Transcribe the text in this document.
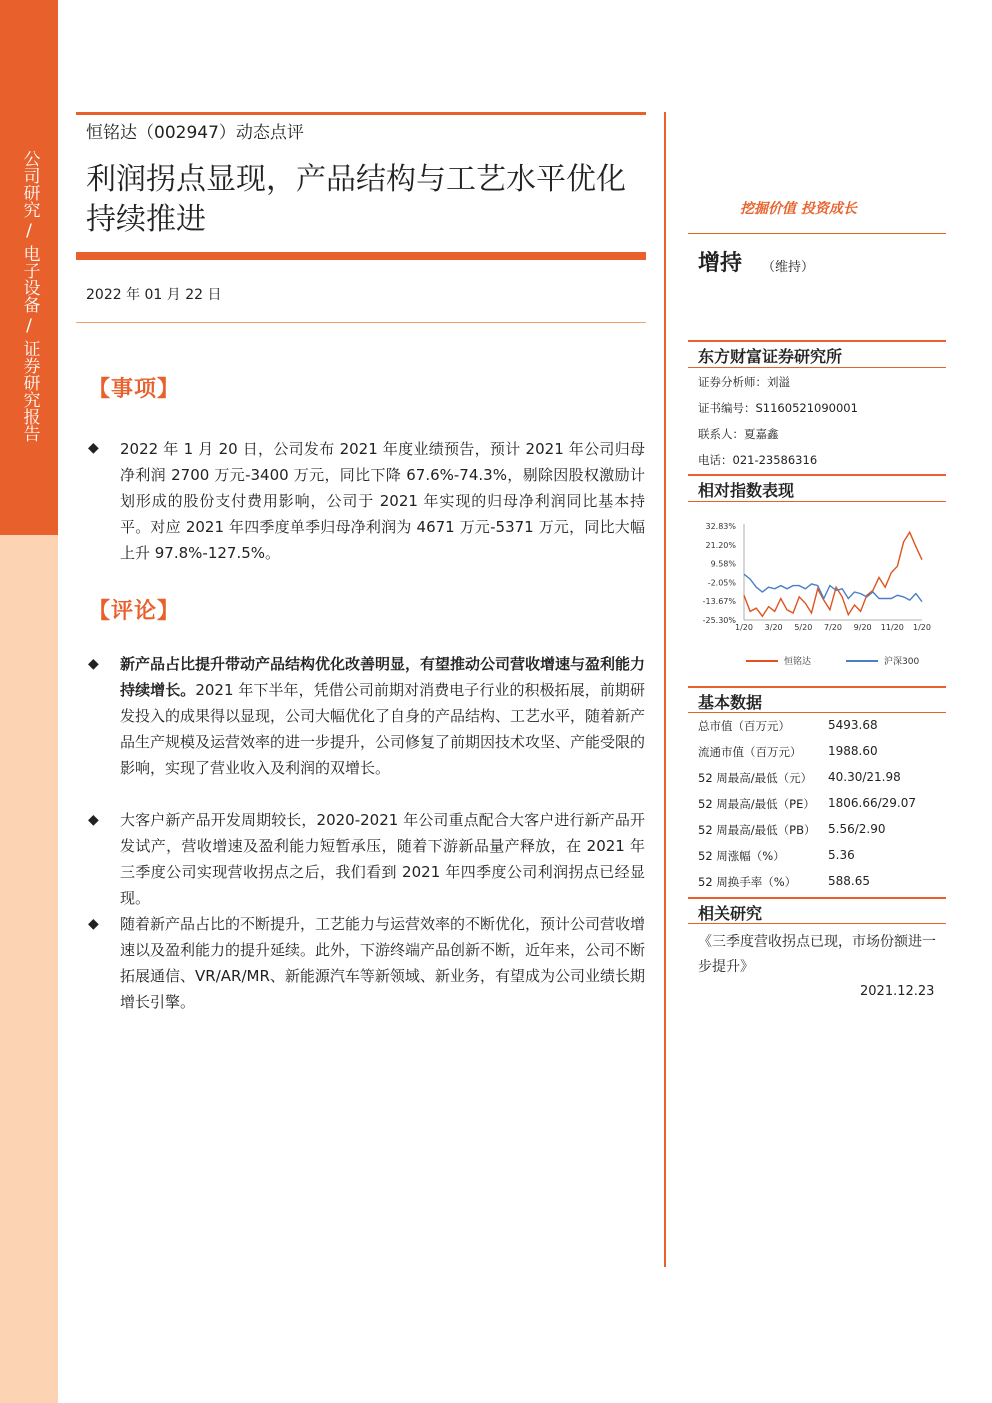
公司研究
/
电子设备
/
证券研究报告
恒铭达（002947）动态点评
利润拐点显现，产品结构与工艺水平优化持续推进
2022 年 01 月 22 日
【事项】
◆ 2022 年 1 月 20 日，公司发布 2021 年度业绩预告，预计 2021 年公司归母净利润 2700 万元-3400 万元，同比下降 67.6%-74.3%，剔除因股权激励计划形成的股份支付费用影响，公司于 2021 年实现的归母净利润同比基本持平。对应 2021 年四季度单季归母净利润为 4671 万元-5371 万元，同比大幅上升 97.8%-127.5%。
【评论】
◆ 新产品占比提升带动产品结构优化改善明显，有望推动公司营收增速与盈利能力持续增长。2021 年下半年，凭借公司前期对消费电子行业的积极拓展，前期研发投入的成果得以显现，公司大幅优化了自身的产品结构、工艺水平，随着新产品生产规模及运营效率的进一步提升，公司修复了前期因技术攻坚、产能受限的影响，实现了营业收入及利润的双增长。
◆ 大客户新产品开发周期较长，2020-2021 年公司重点配合大客户进行新产品开发试产，营收增速及盈利能力短暂承压，随着下游新品量产释放，在 2021 年三季度公司实现营收拐点之后，我们看到 2021 年四季度公司利润拐点已经显现。
◆ 随着新产品占比的不断提升，工艺能力与运营效率的不断优化，预计公司营收增速以及盈利能力的提升延续。此外，下游终端产品创新不断，近年来，公司不断拓展通信、VR/AR/MR、新能源汽车等新领域、新业务，有望成为公司业绩长期增长引擎。
挖掘价值 投资成长
增持 （维持）
东方财富证券研究所
证券分析师：刘溢
证书编号：S1160521090001
联系人：夏嘉鑫
电话：021-23586316
相对指数表现
32.83%
21.20%
9.58%
-2.05%
-13.67%
-25.30%
1/20 3/20 5/20 7/20 9/20 11/20 1/20
恒铭达	沪深300
基本数据
总市值（百万元）	5493.68
流通市值（百万元） 1988.60
52 周最高/最低（元） 40.30/21.98
52 周最高/最低（PE） 1806.66/29.07
52 周最高/最低（PB） 5.56/2.90
52 周涨幅（%）	5.36
52 周换手率（%）	588.65
相关研究
《三季度营收拐点已现，市场份额进一步提升》
2021.12.23
